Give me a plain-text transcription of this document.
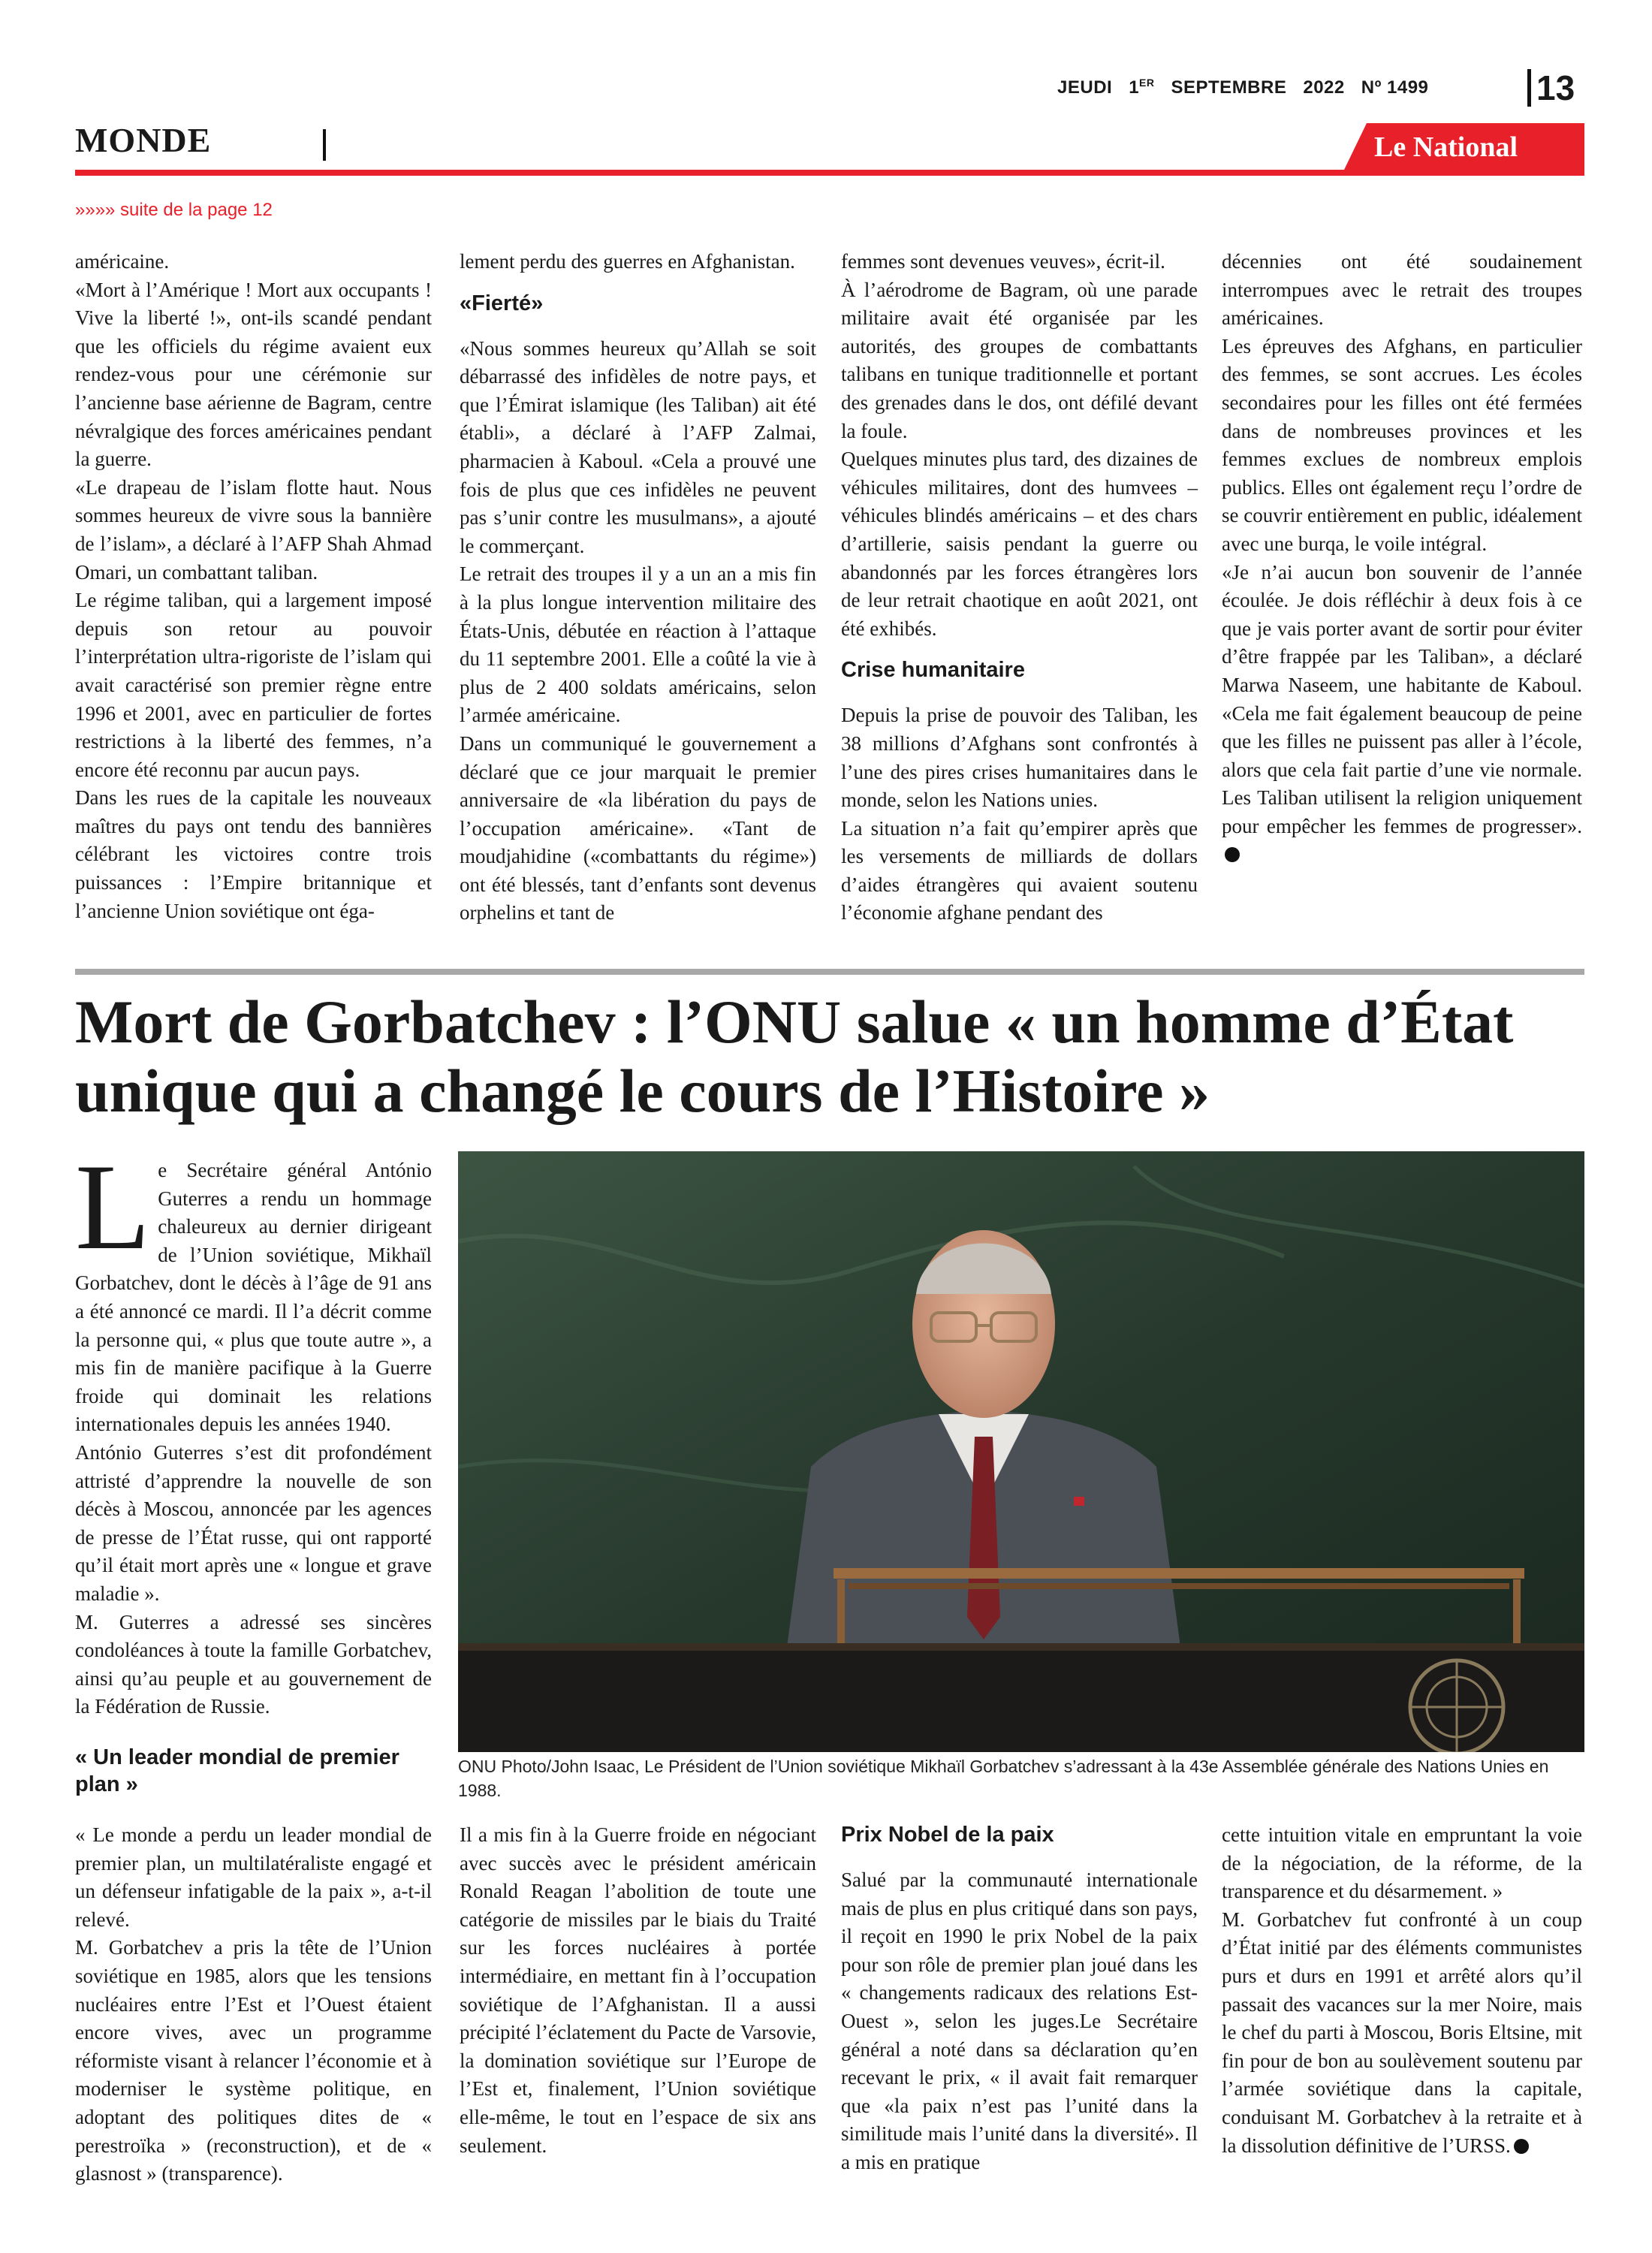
JEUDI 1ER SEPTEMBRE 2022 Nº 1499	13
MONDE	Le National
»»»» suite de la page 12

américaine.

«Mort à l’Amérique ! Mort aux occupants ! Vive la liberté !», ont-ils scandé pendant que les officiels du régime avaient eux rendez-vous pour une cérémonie sur l’ancienne base aérienne de Bagram, centre névralgique des forces américaines pendant la guerre.

«Le drapeau de l’islam flotte haut. Nous sommes heureux de vivre sous la bannière de l’islam», a déclaré à l’AFP Shah Ahmad Omari, un combattant taliban.

Le régime taliban, qui a largement imposé depuis son retour au pouvoir l’interprétation ultra-rigoriste de l’islam qui avait caractérisé son premier règne entre 1996 et 2001, avec en particulier de fortes restrictions à la liberté des femmes, n’a encore été reconnu par aucun pays.

Dans les rues de la capitale les nouveaux maîtres du pays ont tendu des bannières célébrant les victoires contre trois puissances : l’Empire britannique et l’ancienne Union soviétique ont éga-

lement perdu des guerres en Afghanistan.

«Fierté»

«Nous sommes heureux qu’Allah se soit débarrassé des infidèles de notre pays, et que l’Émirat islamique (les Taliban) ait été établi», a déclaré à l’AFP Zalmai, pharmacien à Kaboul. «Cela a prouvé une fois de plus que ces infidèles ne peuvent pas s’unir contre les musulmans», a ajouté le commerçant.

Le retrait des troupes il y a un an a mis fin à la plus longue intervention militaire des États-Unis, débutée en réaction à l’attaque du 11 septembre 2001. Elle a coûté la vie à plus de 2 400 soldats américains, selon l’armée américaine.

Dans un communiqué le gouvernement a déclaré que ce jour marquait le premier anniversaire de «la libération du pays de l’occupation américaine». «Tant de moudjahidine («combattants du régime») ont été blessés, tant d’enfants sont devenus orphelins et tant de

femmes sont devenues veuves», écrit-il.

À l’aérodrome de Bagram, où une parade militaire avait été organisée par les autorités, des groupes de combattants talibans en tunique traditionnelle et portant des grenades dans le dos, ont défilé devant la foule.

Quelques minutes plus tard, des dizaines de véhicules militaires, dont des humvees – véhicules blindés américains – et des chars d’artillerie, saisis pendant la guerre ou abandonnés par les forces étrangères lors de leur retrait chaotique en août 2021, ont été exhibés.

Crise humanitaire

Depuis la prise de pouvoir des Taliban, les 38 millions d’Afghans sont confrontés à l’une des pires crises humanitaires dans le monde, selon les Nations unies.

La situation n’a fait qu’empirer après que les versements de milliards de dollars d’aides étrangères qui avaient soutenu l’économie afghane pendant des

décennies ont été soudainement interrompues avec le retrait des troupes américaines.

Les épreuves des Afghans, en particulier des femmes, se sont accrues. Les écoles secondaires pour les filles ont été fermées dans de nombreuses provinces et les femmes exclues de nombreux emplois publics. Elles ont également reçu l’ordre de se couvrir entièrement en public, idéalement avec une burqa, le voile intégral.

«Je n’ai aucun bon souvenir de l’année écoulée. Je dois réfléchir à deux fois à ce que je vais porter avant de sortir pour éviter d’être frappée par les Taliban», a déclaré Marwa Naseem, une habitante de Kaboul. «Cela me fait également beaucoup de peine que les filles ne puissent pas aller à l’école, alors que cela fait partie d’une vie normale. Les Taliban utilisent la religion uniquement pour empêcher les femmes de progresser».

Mort de Gorbatchev : l’ONU salue « un homme d’État unique qui a changé le cours de l’Histoire »

Le Secrétaire général António Guterres a rendu un hommage chaleureux au dernier dirigeant de l’Union soviétique, Mikhaïl Gorbatchev, dont le décès à l’âge de 91 ans a été annoncé ce mardi. Il l’a décrit comme la personne qui, « plus que toute autre », a mis fin de manière pacifique à la Guerre froide qui dominait les relations internationales depuis les années 1940.

António Guterres s’est dit profondément attristé d’apprendre la nouvelle de son décès à Moscou, annoncée par les agences de presse de l’État russe, qui ont rapporté qu’il était mort après une « longue et grave maladie ».

M. Guterres a adressé ses sincères condoléances à toute la famille Gorbatchev, ainsi qu’au peuple et au gouvernement de la Fédération de Russie.

« Un leader mondial de premier plan »

ONU Photo/John Isaac, Le Président de l’Union soviétique Mikhaïl Gorbatchev s’adressant à la 43e Assemblée générale des Nations Unies en 1988.

« Le monde a perdu un leader mondial de premier plan, un multilatéraliste engagé et un défenseur infatigable de la paix », a-t-il relevé.

M. Gorbatchev a pris la tête de l’Union soviétique en 1985, alors que les tensions nucléaires entre l’Est et l’Ouest étaient encore vives, avec un programme réformiste visant à relancer l’économie et à moderniser le système politique, en adoptant des politiques dites de « perestroïka » (reconstruction), et de « glasnost » (transparence).

Il a mis fin à la Guerre froide en négociant avec succès avec le président américain Ronald Reagan l’abolition de toute une catégorie de missiles par le biais du Traité sur les forces nucléaires à portée intermédiaire, en mettant fin à l’occupation soviétique de l’Afghanistan. Il a aussi précipité l’éclatement du Pacte de Varsovie, la domination soviétique sur l’Europe de l’Est et, finalement, l’Union soviétique elle-même, le tout en l’espace de six ans seulement.

Prix Nobel de la paix

Salué par la communauté internationale mais de plus en plus critiqué dans son pays, il reçoit en 1990 le prix Nobel de la paix pour son rôle de premier plan joué dans les « changements radicaux des relations Est-Ouest », selon les juges.Le Secrétaire général a noté dans sa déclaration qu’en recevant le prix, « il avait fait remarquer que «la paix n’est pas l’unité dans la similitude mais l’unité dans la diversité». Il a mis en pratique

cette intuition vitale en empruntant la voie de la négociation, de la réforme, de la transparence et du désarmement. »

M. Gorbatchev fut confronté à un coup d’État initié par des éléments communistes purs et durs en 1991 et arrêté alors qu’il passait des vacances sur la mer Noire, mais le chef du parti à Moscou, Boris Eltsine, mit fin pour de bon au soulèvement soutenu par l’armée soviétique dans la capitale, conduisant M. Gorbatchev à la retraite et à la dissolution définitive de l’URSS.
